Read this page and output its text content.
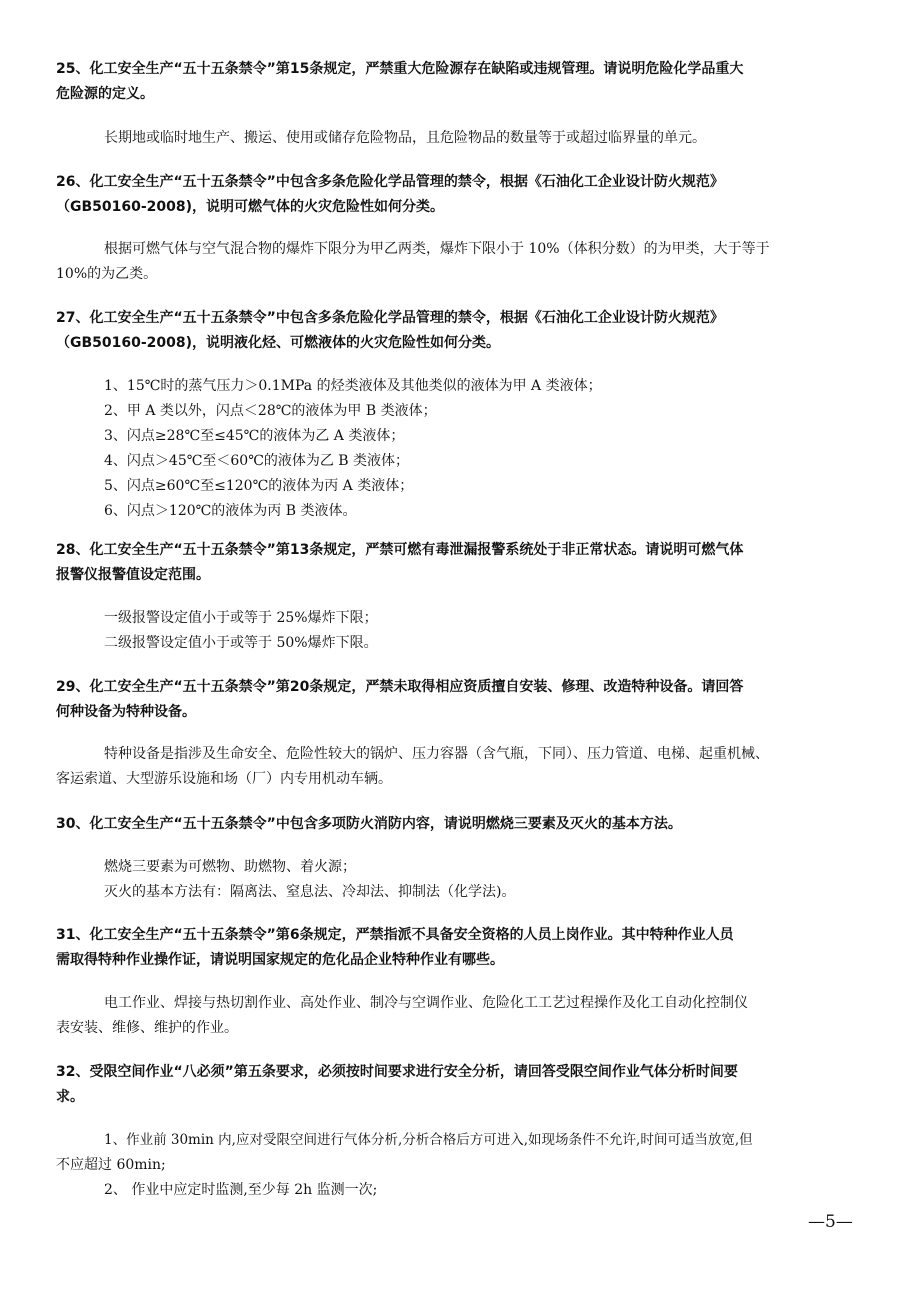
25、化工安全生产“五十五条禁令”第15条规定，严禁重大危险源存在缺陷或违规管理。请说明危险化学品重大

危险源的定义。

长期地或临时地生产、搬运、使用或储存危险物品，且危险物品的数量等于或超过临界量的单元。

26、化工安全生产“五十五条禁令”中包含多条危险化学品管理的禁令，根据《石油化工企业设计防火规范》

（GB50160-2008)，说明可燃气体的火灾危险性如何分类。

根据可燃气体与空气混合物的爆炸下限分为甲乙两类，爆炸下限小于 10%（体积分数）的为甲类，大于等于

10%的为乙类。

27、化工安全生产“五十五条禁令”中包含多条危险化学品管理的禁令，根据《石油化工企业设计防火规范》

（GB50160-2008)，说明液化烃、可燃液体的火灾危险性如何分类。

1、15℃时的蒸气压力＞0.1MPa 的烃类液体及其他类似的液体为甲 A 类液体；

2、甲 A 类以外，闪点＜28℃的液体为甲 B 类液体；

3、闪点≥28℃至≤45℃的液体为乙 A 类液体；

4、闪点＞45℃至＜60℃的液体为乙 B 类液体；

5、闪点≥60℃至≤120℃的液体为丙 A 类液体；

6、闪点＞120℃的液体为丙 B 类液体。

28、化工安全生产“五十五条禁令”第13条规定，严禁可燃有毒泄漏报警系统处于非正常状态。请说明可燃气体

报警仪报警值设定范围。

一级报警设定值小于或等于 25%爆炸下限；

二级报警设定值小于或等于 50%爆炸下限。

29、化工安全生产“五十五条禁令”第20条规定，严禁未取得相应资质擅自安装、修理、改造特种设备。请回答

何种设备为特种设备。

特种设备是指涉及生命安全、危险性较大的锅炉、压力容器（含气瓶，下同）、压力管道、电梯、起重机械、

客运索道、大型游乐设施和场（厂）内专用机动车辆。

30、化工安全生产“五十五条禁令”中包含多项防火消防内容，请说明燃烧三要素及灭火的基本方法。

燃烧三要素为可燃物、助燃物、着火源；

灭火的基本方法有：隔离法、窒息法、冷却法、抑制法（化学法)。

31、化工安全生产“五十五条禁令”第6条规定，严禁指派不具备安全资格的人员上岗作业。其中特种作业人员

需取得特种作业操作证，请说明国家规定的危化品企业特种作业有哪些。

电工作业、焊接与热切割作业、高处作业、制冷与空调作业、危险化工工艺过程操作及化工自动化控制仪

表安装、维修、维护的作业。

32、受限空间作业“八必须”第五条要求，必须按时间要求进行安全分析，请回答受限空间作业气体分析时间要

求。

1、作业前 30min 内,应对受限空间进行气体分析,分析合格后方可进入,如现场条件不允许,时间可适当放宽,但

不应超过 60min;

2、 作业中应定时监测,至少每 2h 监测一次;

—5—
